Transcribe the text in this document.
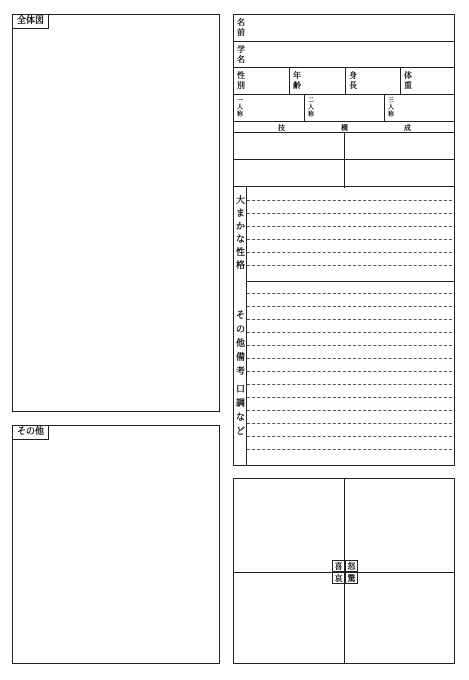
全体図
その他
名前
学名
性別
年齢
身長
体重
一人称
二人称
三人称
技	構	成
大まかな性格
その他備考
口調など
喜 怒
哀 驚
